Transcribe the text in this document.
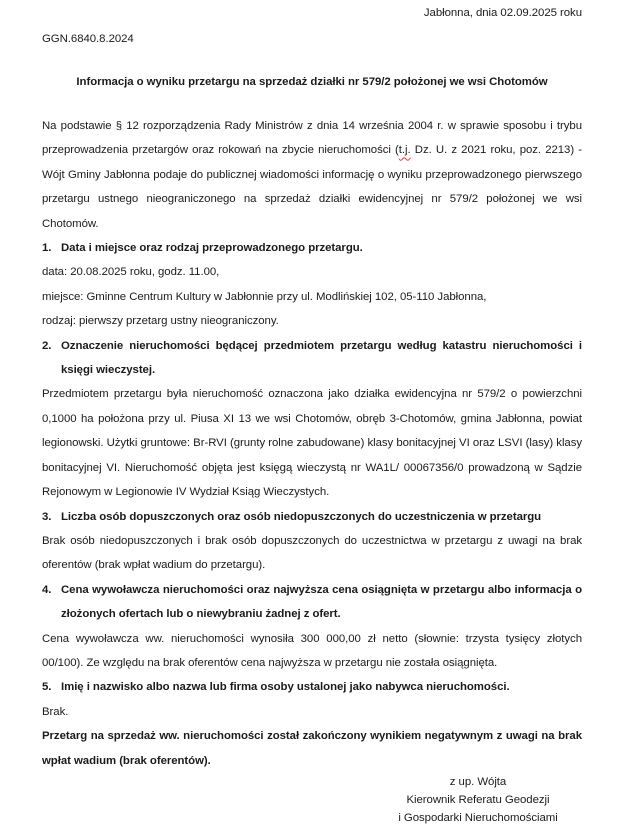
Jabłonna, dnia 02.09.2025 roku
GGN.6840.8.2024
Informacja o wyniku przetargu na sprzedaż działki nr 579/2 położonej we wsi Chotomów

Na podstawie § 12 rozporządzenia Rady Ministrów z dnia 14 września 2004 r. w sprawie sposobu i trybu przeprowadzenia przetargów oraz rokowań na zbycie nieruchomości (t.j. Dz. U. z 2021 roku, poz. 2213) - Wójt Gminy Jabłonna podaje do publicznej wiadomości informację o wyniku przeprowadzonego pierwszego przetargu ustnego nieograniczonego na sprzedaż działki ewidencyjnej nr 579/2 położonej we wsi Chotomów.

1. Data i miejsce oraz rodzaj przeprowadzonego przetargu.

data: 20.08.2025 roku, godz. 11.00,

miejsce: Gminne Centrum Kultury w Jabłonnie przy ul. Modlińskiej 102, 05-110 Jabłonna,

rodzaj: pierwszy przetarg ustny nieograniczony.

2. Oznaczenie nieruchomości będącej przedmiotem przetargu według katastru nieruchomości i księgi wieczystej.

Przedmiotem przetargu była nieruchomość oznaczona jako działka ewidencyjna nr 579/2 o powierzchni 0,1000 ha położona przy ul. Piusa XI 13 we wsi Chotomów, obręb 3-Chotomów, gmina Jabłonna, powiat legionowski. Użytki gruntowe: Br-RVI (grunty rolne zabudowane) klasy bonitacyjnej VI oraz LSVI (lasy) klasy bonitacyjnej VI. Nieruchomość objęta jest księgą wieczystą nr WA1L/ 00067356/0 prowadzoną w Sądzie Rejonowym w Legionowie IV Wydział Ksiąg Wieczystych.

3. Liczba osób dopuszczonych oraz osób niedopuszczonych do uczestniczenia w przetargu

Brak osób niedopuszczonych i brak osób dopuszczonych do uczestnictwa w przetargu z uwagi na brak oferentów (brak wpłat wadium do przetargu).

4. Cena wywoławcza nieruchomości oraz najwyższa cena osiągnięta w przetargu albo informacja o złożonych ofertach lub o niewybraniu żadnej z ofert.

Cena wywoławcza ww. nieruchomości wynosiła 300 000,00 zł netto (słownie: trzysta tysięcy złotych 00/100). Ze względu na brak oferentów cena najwyższa w przetargu nie została osiągnięta.

5. Imię i nazwisko albo nazwa lub firma osoby ustalonej jako nabywca nieruchomości.

Brak.

Przetarg na sprzedaż ww. nieruchomości został zakończony wynikiem negatywnym z uwagi na brak wpłat wadium (brak oferentów).

z up. Wójta

Kierownik Referatu Geodezji

i Gospodarki Nieruchomościami
